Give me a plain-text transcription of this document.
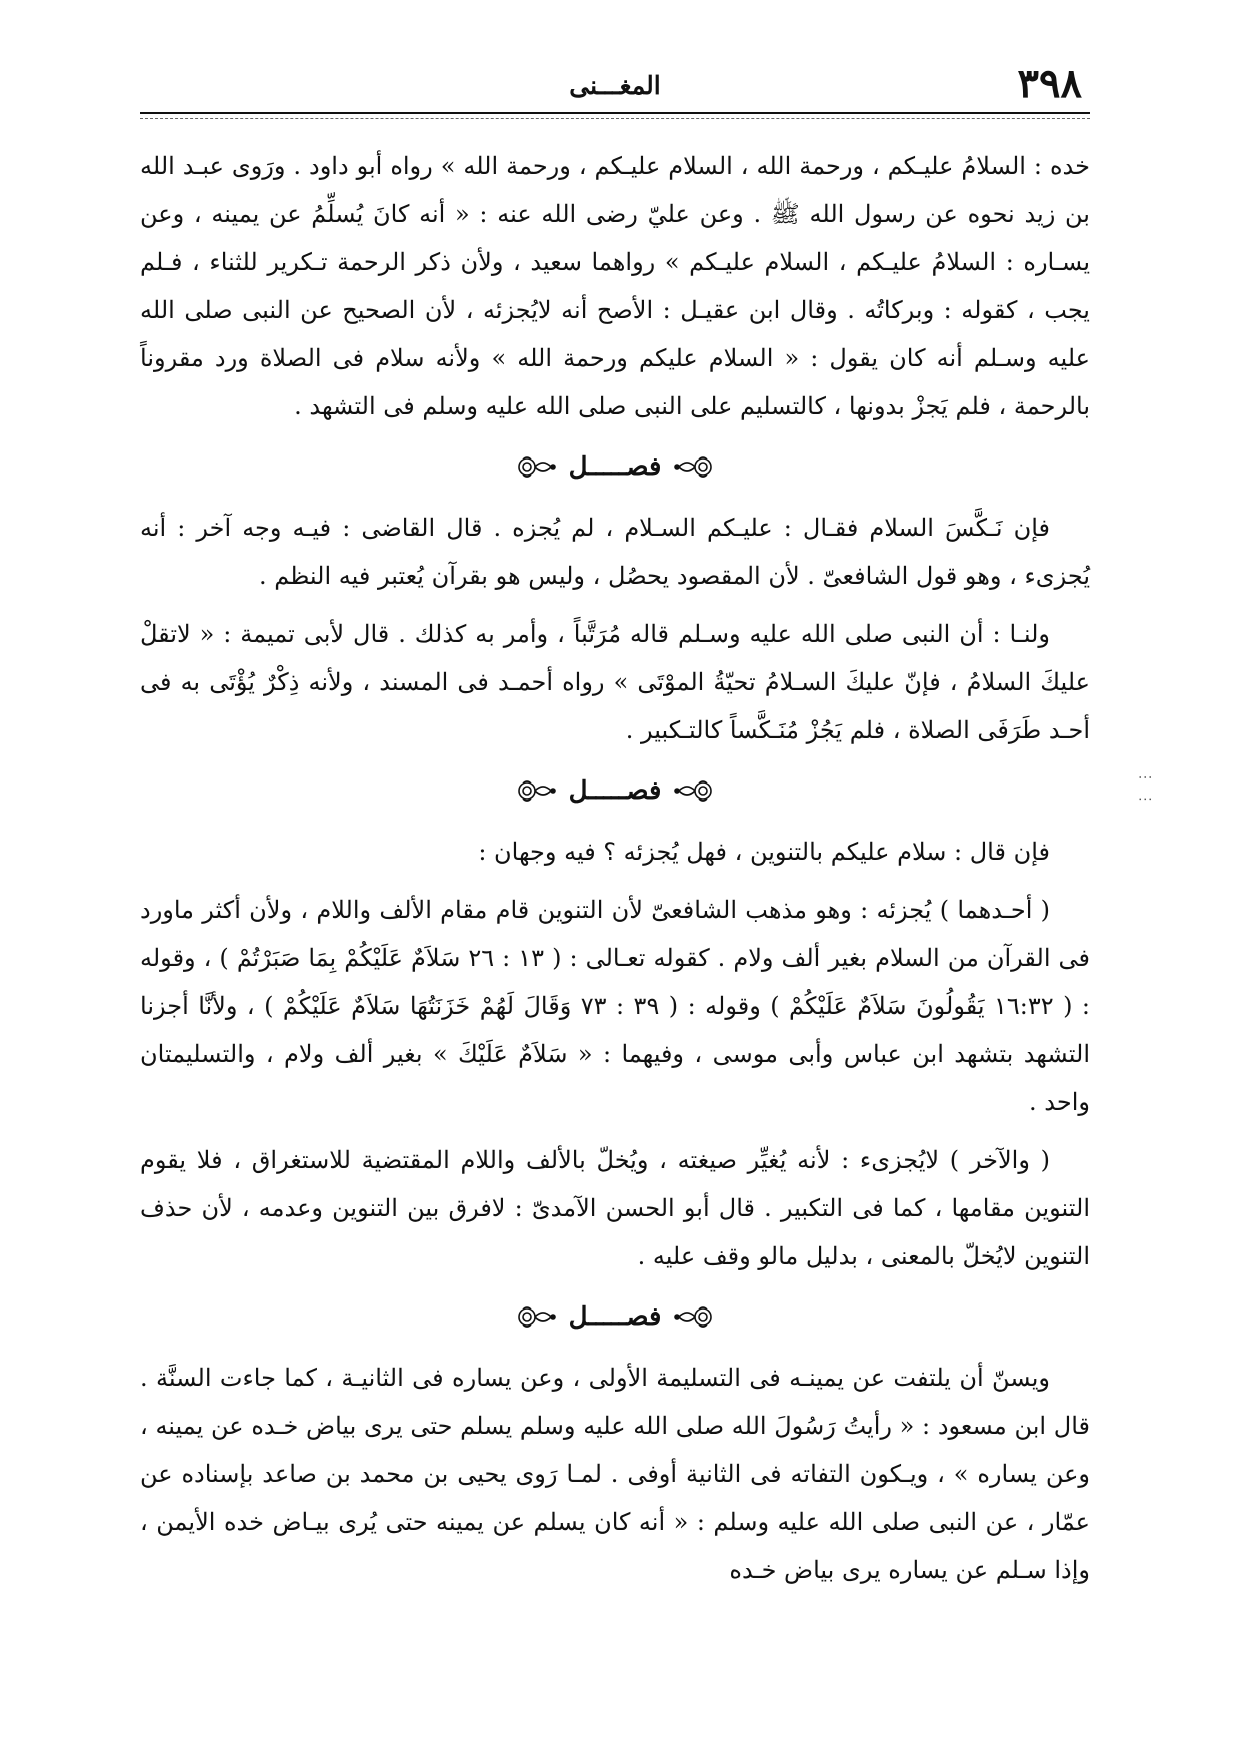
٣٩٨
المغـــنى

خده : السلامُ عليـكم ، ورحمة الله ، السلام عليـكم ، ورحمة الله » رواه أبو داود . ورَوى عبـد الله بن زيد نحوه عن رسول الله ﷺ . وعن عليّ رضى الله عنه : « أنه كانَ يُسلِّمُ عن يمينه ، وعن يسـاره : السلامُ عليـكم ، السلام عليـكم » رواهما سعيد ، ولأن ذكر الرحمة تـكرير للثناء ، فـلم يجب ، كقوله : وبركاتُه . وقال ابن عقيـل : الأصح أنه لايُجزئه ، لأن الصحيح عن النبى صلى الله عليه وسـلم أنه كان يقول : « السلام عليكم ورحمة الله » ولأنه سلام فى الصلاة ورد مقروناً بالرحمة ، فلم يَجزْ بدونها ، كالتسليم على النبى صلى الله عليه وسلم فى التشهد .

فصـــــل

فإن نَـكَّسَ السلام فقـال : عليـكم السـلام ، لم يُجزه . قال القاضى : فيـه وجه آخر : أنه يُجزىء ، وهو قول الشافعىّ . لأن المقصود يحصُل ، وليس هو بقرآن يُعتبر فيه النظم .

ولنـا : أن النبى صلى الله عليه وسـلم قاله مُرَتَّباً ، وأمر به كذلك . قال لأبى تميمة : « لاتقلْ عليكَ السلامُ ، فإنّ عليكَ السـلامُ تحيّةُ الموْتَى » رواه أحمـد فى المسند ، ولأنه ذِكْرٌ يُؤْتَى به فى أحـد طَرَفَى الصلاة ، فلم يَجُزْ مُنَـكَّساً كالتـكبير .

فصـــــل

فإن قال : سلام عليكم بالتنوين ، فهل يُجزئه ؟ فيه وجهان :

( أحـدهما ) يُجزئه : وهو مذهب الشافعىّ لأن التنوين قام مقام الألف واللام ، ولأن أكثر ماورد فى القرآن من السلام بغير ألف ولام . كقوله تعـالى : ( ١٣ : ٢٦ سَلاَمٌ عَلَيْكُمْ بِمَا صَبَرْتُمْ ) ، وقوله : ( ١٦:٣٢ يَقُولُونَ سَلاَمٌ عَلَيْكُمْ ) وقوله : ( ٣٩ : ٧٣ وَقَالَ لَهُمْ خَزَنَتُهَا سَلاَمٌ عَلَيْكُمْ ) ، ولأنَّا أجزنا التشهد بتشهد ابن عباس وأبى موسى ، وفيهما : « سَلاَمٌ عَلَيْكَ » بغير ألف ولام ، والتسليمتان واحد .

( والآخر ) لايُجزىء : لأنه يُغيِّر صيغته ، ويُخلّ بالألف واللام المقتضية للاستغراق ، فلا يقوم التنوين مقامها ، كما فى التكبير . قال أبو الحسن الآمدىّ : لافرق بين التنوين وعدمه ، لأن حذف التنوين لايُخلّ بالمعنى ، بدليل مالو وقف عليه .

فصـــــل

ويسنّ أن يلتفت عن يمينـه فى التسليمة الأولى ، وعن يساره فى الثانيـة ، كما جاءت السنَّة . قال ابن مسعود : « رأيتُ رَسُولَ الله صلى الله عليه وسلم يسلم حتى يرى بياض خـده عن يمينه ، وعن يساره » ، ويـكون التفاته فى الثانية أوفى . لمـا رَوى يحيى بن محمد بن صاعد بإسناده عن عمّار ، عن النبى صلى الله عليه وسلم : « أنه كان يسلم عن يمينه حتى يُرى بيـاض خده الأيمن ، وإذا سـلم عن يساره يرى بياض خـده

⋮ ⋮
